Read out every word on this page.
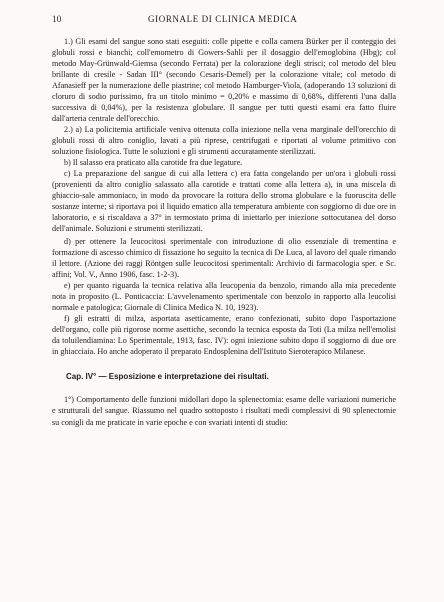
10	GIORNALE DI CLINICA MEDICA

1.) Gli esami del sangue sono stati eseguiti: colle pipette e colla camera Bürker per il conteggio dei globuli rossi e bianchi; coll'emometro di Gowers-Sahli per il dosaggio dell'emoglobina (Hbg); col metodo May-Grünwald-Giemsa (secondo Ferrata) per la colorazione degli strisci; col metodo del bleu brillante di cresile - Sadan III° (secondo Cesaris-Demel) per la colorazione vitale; col metodo di Afanasieff per la numerazione delle piastrine; col metodo Hamburger-Viola, (adoperando 13 soluzioni di cloruro di sodio purissimo, fra un titolo minimo = 0,20% e massimo di 0,68%, differenti l'una dalla successiva di 0,04%), per la resistenza globulare. Il sangue per tutti questi esami era fatto fluire dall'arteria centrale dell'orecchio.

2.) a) La policitemia artificiale veniva ottenuta colla iniezione nella vena marginale dell'orecchio di globuli rossi di altro coniglio, lavati a più riprese, centrifugati e riportati al volume primitivo con soluzione fisiologica. Tutte le soluzioni e gli strumenti accuratamente sterilizzati.

b) Il salasso era praticato alla carotide fra due legature.

c) La preparazione del sangue di cui alla lettera c) era fatta congelando per un'ora i globuli rossi (provenienti da altro coniglio salassato alla carotide e trattati come alla lettera a), in una miscela di ghiaccio-sale ammoniaco, in modo da provocare la rottura dello stroma globulare e la fuoruscita delle sostanze interne; si riportava poi il liquido ematico alla temperatura ambiente con soggiorno di due ore in laboratorio, e si riscaldava a 37° in termostato prima di iniettarlo per iniezione sottocutanea del dorso dell'animale. Soluzioni e strumenti sterilizzati.

d) per ottenere la leucocitosi sperimentale con introduzione di olio essenziale di trementina e formazione di ascesso chimico di fissazione ho seguito la tecnica di De Luca, al lavoro del quale rimando il lettore. (Azione dei raggi Röntgen sulle leucocitosi sperimentali: Archivio di farmacologia sper. e Sc. affini; Vol. V., Anno 1906, fasc. 1-2-3).

e) per quanto riguarda la tecnica relativa alla leucopenia da benzolo, rimando alla mia precedente nota in proposito (L. Ponticaccia: L'avvelenamento sperimentale con benzolo in rapporto alla leucolisi normale e patologica; Giornale di Clinica Medica N. 10, 1923).

f) gli estratti di milza, asportata asetticamente, erano confezionati, subito dopo l'asportazione dell'organo, colle più rigorose norme asettiche, secondo la tecnica esposta da Toti (La milza nell'emolisi da toluilendiamina: Lo Sperimentale, 1913, fasc. IV): ogni iniezione subito dopo il soggiorno di due ore in ghiacciaia. Ho anche adoperato il preparato Endosplenina dell'Istituto Sieroterapico Milanese.

Cap. IV° — Esposizione e interpretazione dei risultati.

1°) Comportamento delle funzioni midollari dopo la splenectomia: esame delle variazioni numeriche e strutturali del sangue. Riassumo nel quadro sottoposto i risultati medi complessivi di 90 splenectomie su conigli da me praticate in varie epoche e con svariati intenti di studio:
